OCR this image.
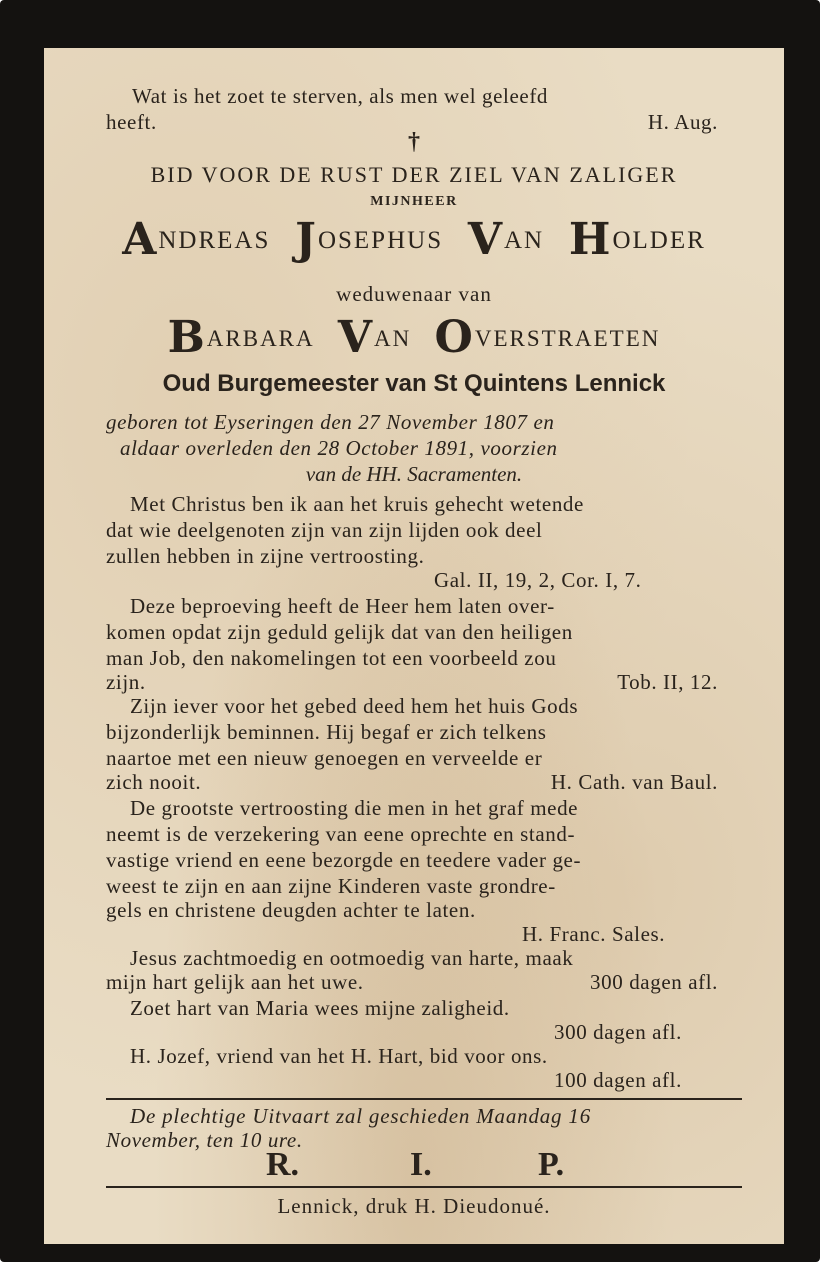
Wat is het zoet te sterven, als men wel geleefd
heeft.	H. Aug.
†
BID VOOR DE RUST DER ZIEL VAN ZALIGER
MIJNHEER
ANDREAS JOSEPHUS VAN HOLDER
weduwenaar van
BARBARA VAN OVERSTRAETEN
Oud Burgemeester van St Quintens Lennick
geboren tot Eyseringen den 27 November 1807 en
aldaar overleden den 28 October 1891, voorzien
van de HH. Sacramenten.
Met Christus ben ik aan het kruis gehecht wetende
dat wie deelgenoten zijn van zijn lijden ook deel
zullen hebben in zijne vertroosting.
Gal. II, 19, 2, Cor. I, 7.
Deze beproeving heeft de Heer hem laten over-
komen opdat zijn geduld gelijk dat van den heiligen
man Job, den nakomelingen tot een voorbeeld zou
zijn.	Tob. II, 12.
Zijn iever voor het gebed deed hem het huis Gods
bijzonderlijk beminnen. Hij begaf er zich telkens
naartoe met een nieuw genoegen en verveelde er
zich nooit.	H. Cath. van Baul.
De grootste vertroosting die men in het graf mede
neemt is de verzekering van eene oprechte en stand-
vastige vriend en eene bezorgde en teedere vader ge-
weest te zijn en aan zijne Kinderen vaste grondre-
gels en christene deugden achter te laten.
H. Franc. Sales.
Jesus zachtmoedig en ootmoedig van harte, maak
mijn hart gelijk aan het uwe.	300 dagen afl.
Zoet hart van Maria wees mijne zaligheid.
300 dagen afl.
H. Jozef, vriend van het H. Hart, bid voor ons.
100 dagen afl.
De plechtige Uitvaart zal geschieden Maandag 16
November, ten 10 ure.
R.	I.	P.
Lennick, druk H. Dieudonué.
